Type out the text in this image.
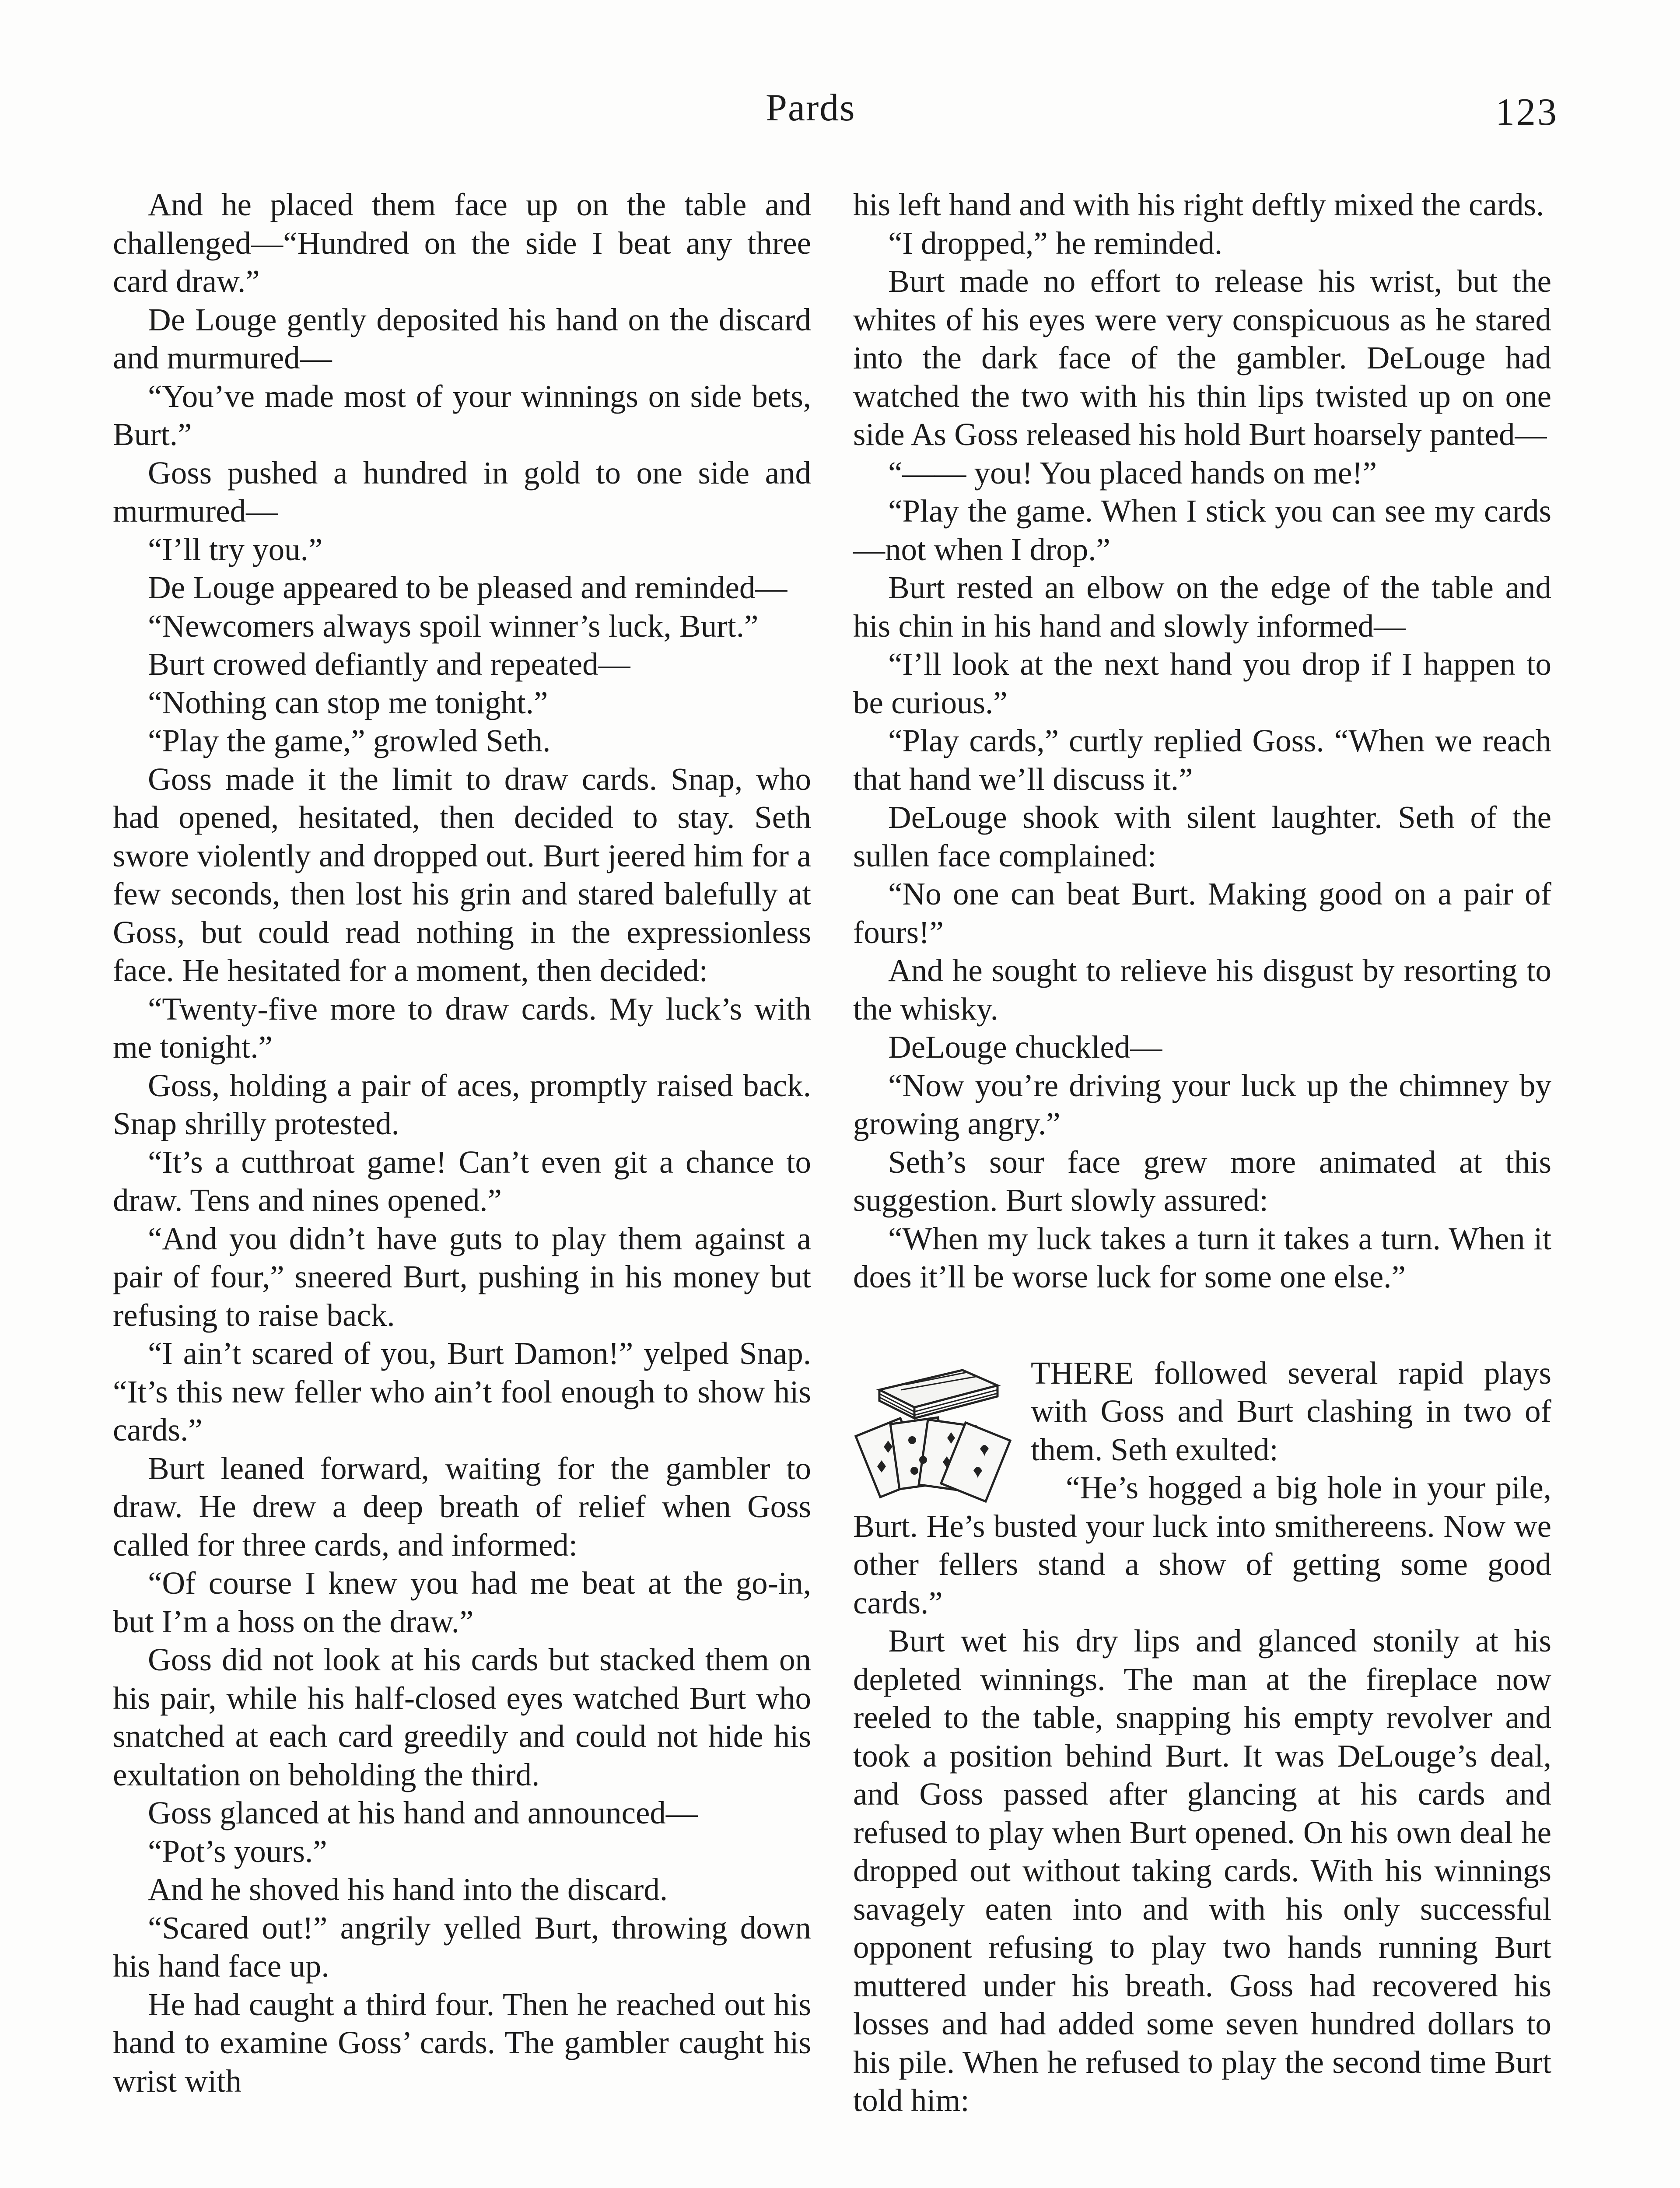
Pards	123

And he placed them face up on the table and challenged—“Hundred on the side I beat any three card draw.”

De Louge gently deposited his hand on the discard and murmured—

“You’ve made most of your winnings on side bets, Burt.”

Goss pushed a hundred in gold to one side and murmured—

“I’ll try you.”

De Louge appeared to be pleased and reminded—

“Newcomers always spoil winner’s luck, Burt.”

Burt crowed defiantly and repeated—

“Nothing can stop me tonight.”

“Play the game,” growled Seth.

Goss made it the limit to draw cards. Snap, who had opened, hesitated, then decided to stay. Seth swore violently and dropped out. Burt jeered him for a few seconds, then lost his grin and stared balefully at Goss, but could read nothing in the expressionless face. He hesitated for a moment, then decided:

“Twenty-five more to draw cards. My luck’s with me tonight.”

Goss, holding a pair of aces, promptly raised back. Snap shrilly protested.

“It’s a cutthroat game! Can’t even git a chance to draw. Tens and nines opened.”

“And you didn’t have guts to play them against a pair of four,” sneered Burt, pushing in his money but refusing to raise back.

“I ain’t scared of you, Burt Damon!” yelped Snap. “It’s this new feller who ain’t fool enough to show his cards.”

Burt leaned forward, waiting for the gambler to draw. He drew a deep breath of relief when Goss called for three cards, and informed:

“Of course I knew you had me beat at the go-in, but I’m a hoss on the draw.”

Goss did not look at his cards but stacked them on his pair, while his half-closed eyes watched Burt who snatched at each card greedily and could not hide his exultation on beholding the third.

Goss glanced at his hand and announced—

“Pot’s yours.”

And he shoved his hand into the discard.

“Scared out!” angrily yelled Burt, throwing down his hand face up.

He had caught a third four. Then he reached out his hand to examine Goss’ cards. The gambler caught his wrist with

his left hand and with his right deftly mixed the cards.

“I dropped,” he reminded.

Burt made no effort to release his wrist, but the whites of his eyes were very conspicuous as he stared into the dark face of the gambler. DeLouge had watched the two with his thin lips twisted up on one side As Goss released his hold Burt hoarsely panted—

“—— you! You placed hands on me!”

“Play the game. When I stick you can see my cards—not when I drop.”

Burt rested an elbow on the edge of the table and his chin in his hand and slowly informed—

“I’ll look at the next hand you drop if I happen to be curious.”

“Play cards,” curtly replied Goss. “When we reach that hand we’ll discuss it.”

DeLouge shook with silent laughter. Seth of the sullen face complained:

“No one can beat Burt. Making good on a pair of fours!”

And he sought to relieve his disgust by resorting to the whisky.

DeLouge chuckled—

“Now you’re driving your luck up the chimney by growing angry.”

Seth’s sour face grew more animated at this suggestion. Burt slowly assured:

“When my luck takes a turn it takes a turn. When it does it’ll be worse luck for some one else.”

THERE followed several rapid plays with Goss and Burt clashing in two of them. Seth exulted:

“He’s hogged a big hole in your pile, Burt. He’s busted your luck into smithereens. Now we other fellers stand a show of getting some good cards.”

Burt wet his dry lips and glanced stonily at his depleted winnings. The man at the fireplace now reeled to the table, snapping his empty revolver and took a position behind Burt. It was DeLouge’s deal, and Goss passed after glancing at his cards and refused to play when Burt opened. On his own deal he dropped out without taking cards. With his winnings savagely eaten into and with his only successful opponent refusing to play two hands running Burt muttered under his breath. Goss had recovered his losses and had added some seven hundred dollars to his pile. When he refused to play the second time Burt told him:
